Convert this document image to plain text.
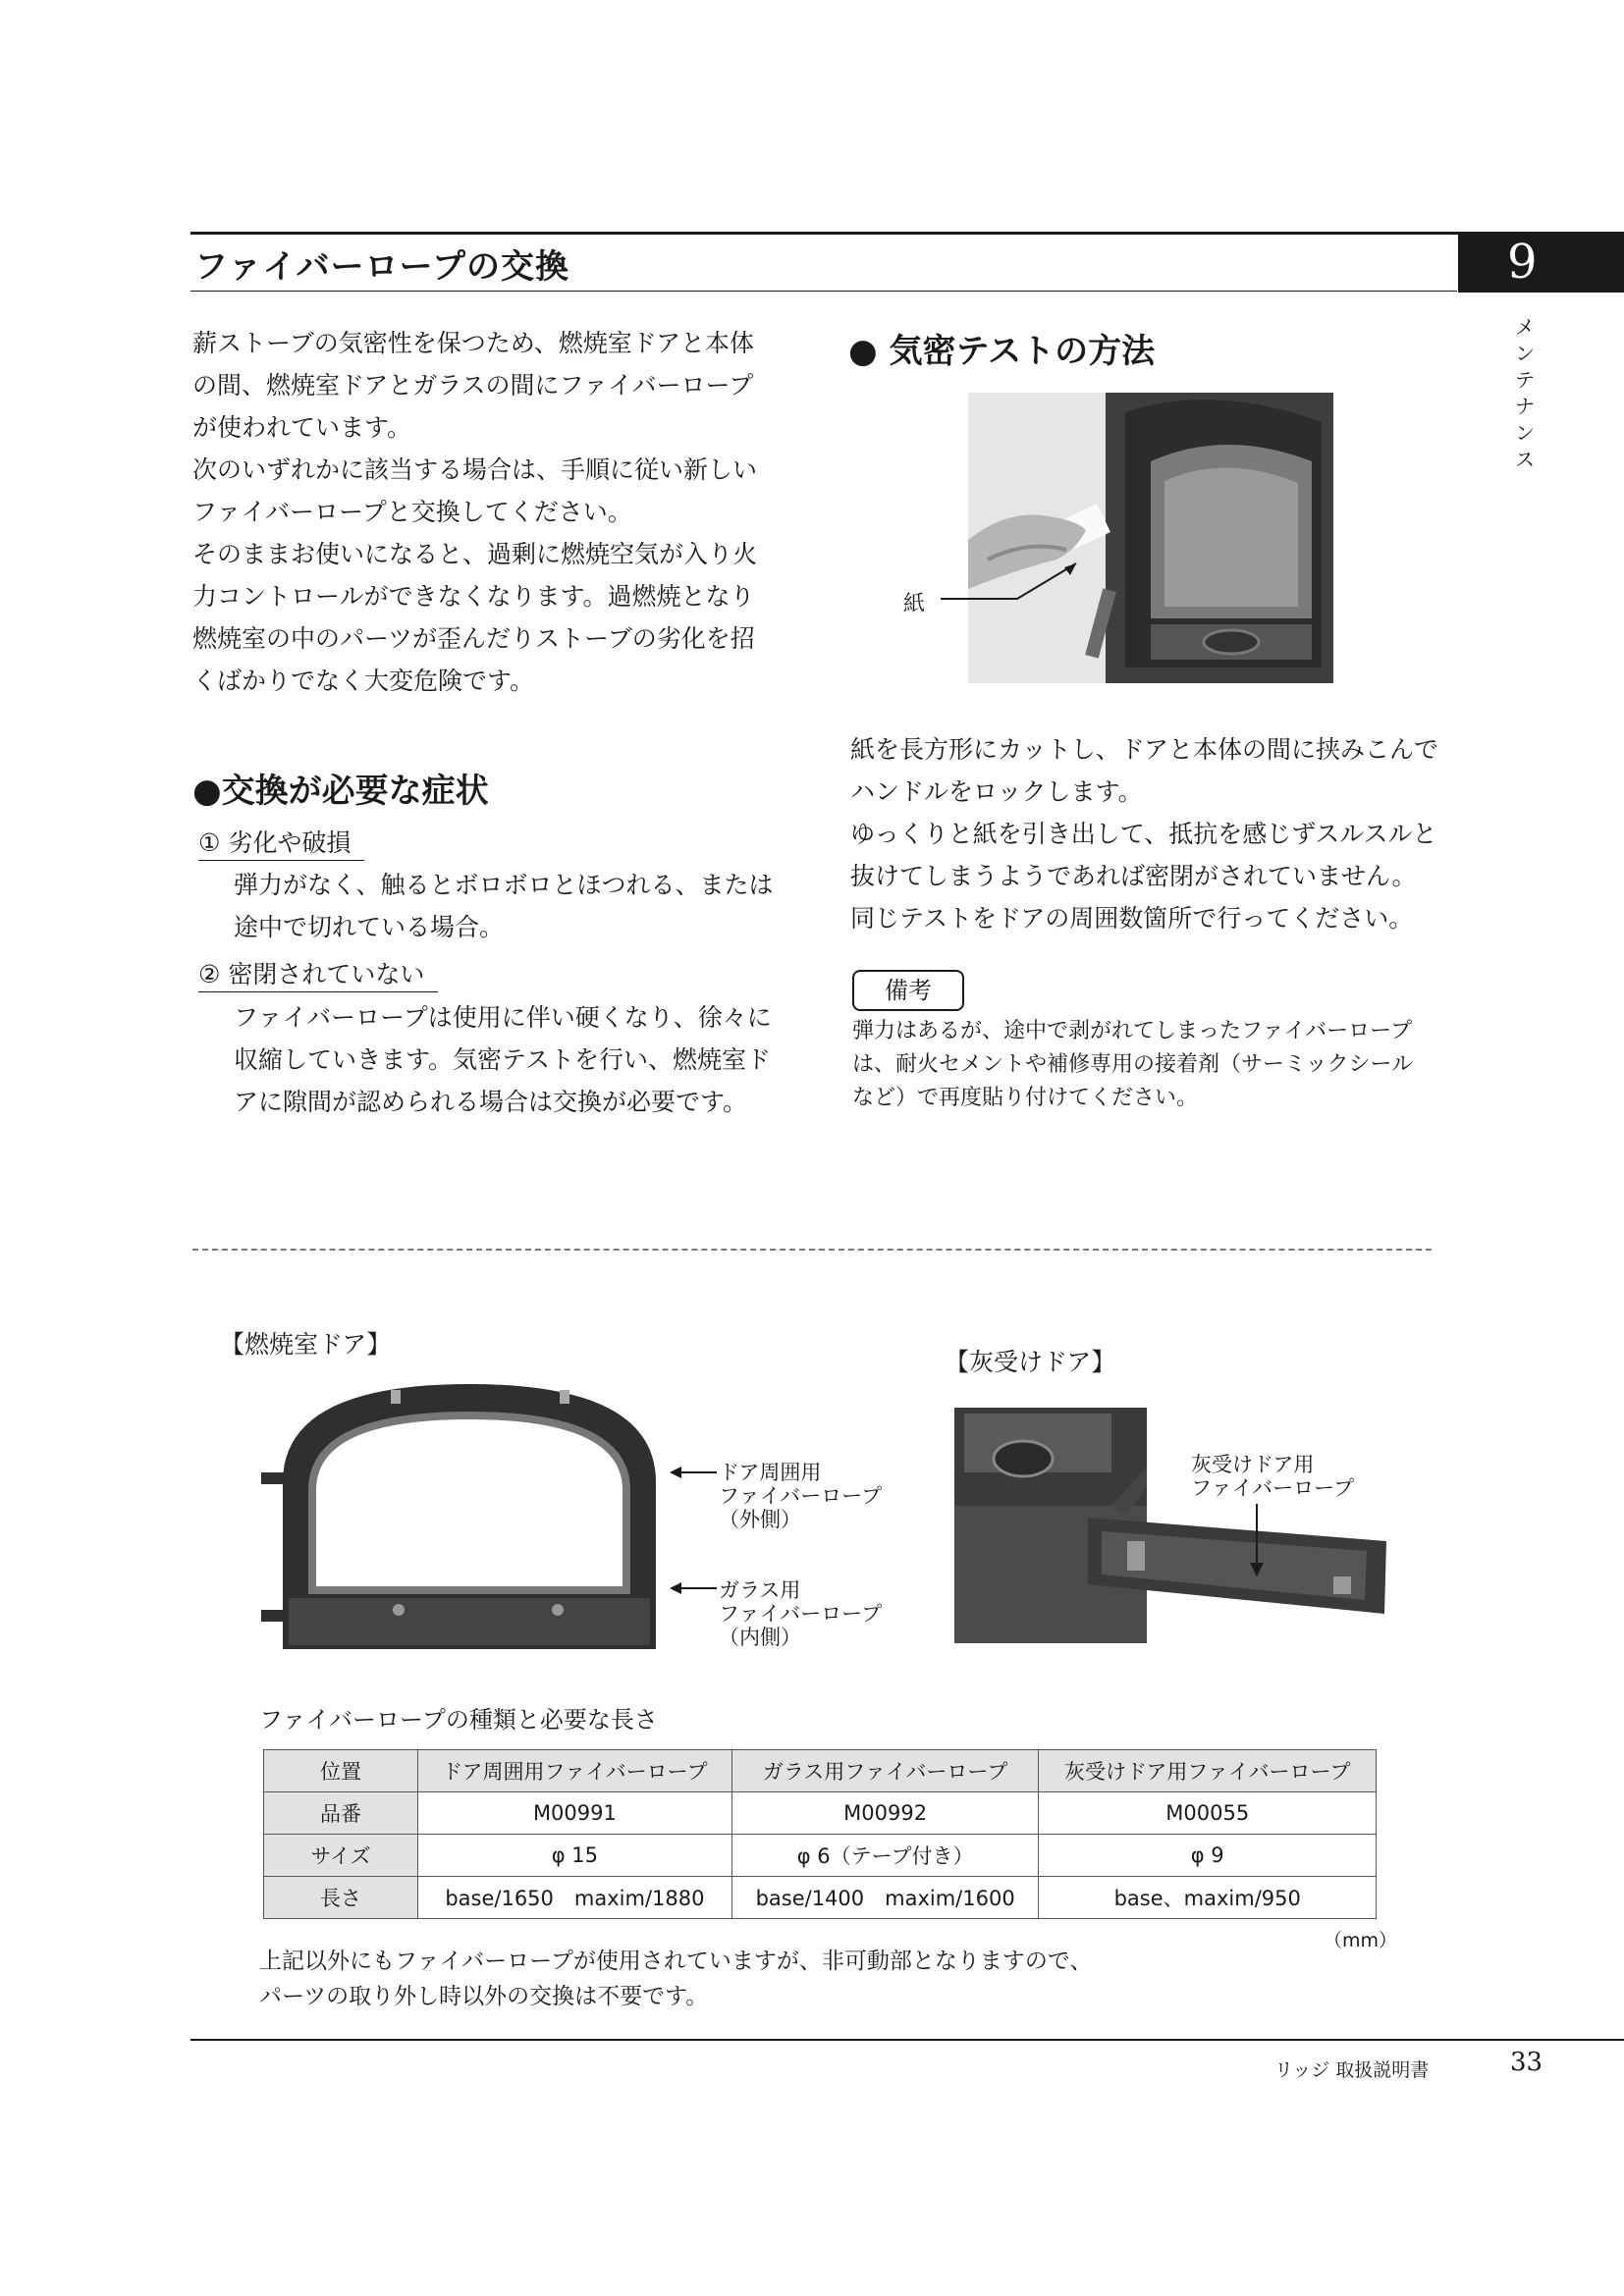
ファイバーロープの交換	9
メ
ン
テ
ナ
ン
ス
薪ストーブの気密性を保つため、燃焼室ドアと本体
の間、燃焼室ドアとガラスの間にファイバーロープ
が使われています。
次のいずれかに該当する場合は、手順に従い新しい
ファイバーロープと交換してください。
そのままお使いになると、過剰に燃焼空気が入り火
力コントロールができなくなります。過燃焼となり
燃焼室の中のパーツが歪んだりストーブの劣化を招
くばかりでなく大変危険です。
●交換が必要な症状
① 劣化や破損
弾力がなく、触るとボロボロとほつれる、または
途中で切れている場合。
② 密閉されていない
ファイバーロープは使用に伴い硬くなり、徐々に
収縮していきます。気密テストを行い、燃焼室ド
アに隙間が認められる場合は交換が必要です。
● 気密テストの方法
紙
紙を長方形にカットし、ドアと本体の間に挟みこんで
ハンドルをロックします。
ゆっくりと紙を引き出して、抵抗を感じずスルスルと
抜けてしまうようであれば密閉がされていません。
同じテストをドアの周囲数箇所で行ってください。
備考
弾力はあるが、途中で剥がれてしまったファイバーロープ
は、耐火セメントや補修専用の接着剤（サーミックシール
など）で再度貼り付けてください。
【燃焼室ドア】
【灰受けドア】
ドア周囲用
ファイバーロープ
（外側）
ガラス用
ファイバーロープ
（内側）
灰受けドア用
ファイバーロープ
ファイバーロープの種類と必要な長さ
位置	ドア周囲用ファイバーロープ	ガラス用ファイバーロープ	灰受けドア用ファイバーロープ
品番	M00991	M00992	M00055
サイズ	φ 15	φ 6（テープ付き）	φ 9
長さ	base/1650　maxim/1880	base/1400　maxim/1600	base、maxim/950
（mm）
上記以外にもファイバーロープが使用されていますが、非可動部となりますので、
パーツの取り外し時以外の交換は不要です。
リッジ 取扱説明書	33
